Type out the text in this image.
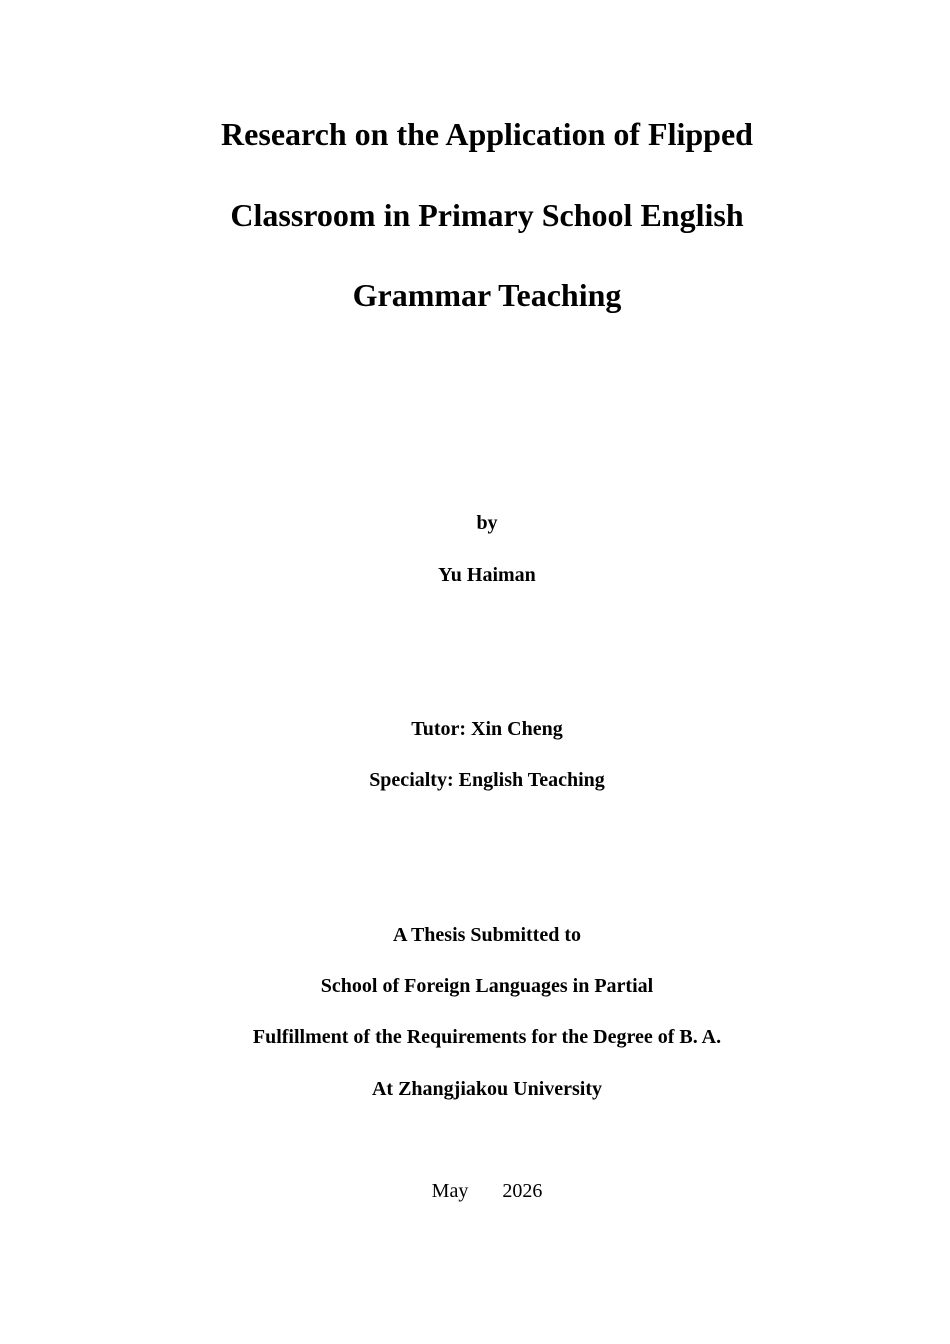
Research on the Application of Flipped
Classroom in Primary School English
Grammar Teaching
by
Yu Haiman
Tutor: Xin Cheng
Specialty: English Teaching
A Thesis Submitted to
School of Foreign Languages in Partial
Fulfillment of the Requirements for the Degree of B. A.
At Zhangjiakou University
May 2026
